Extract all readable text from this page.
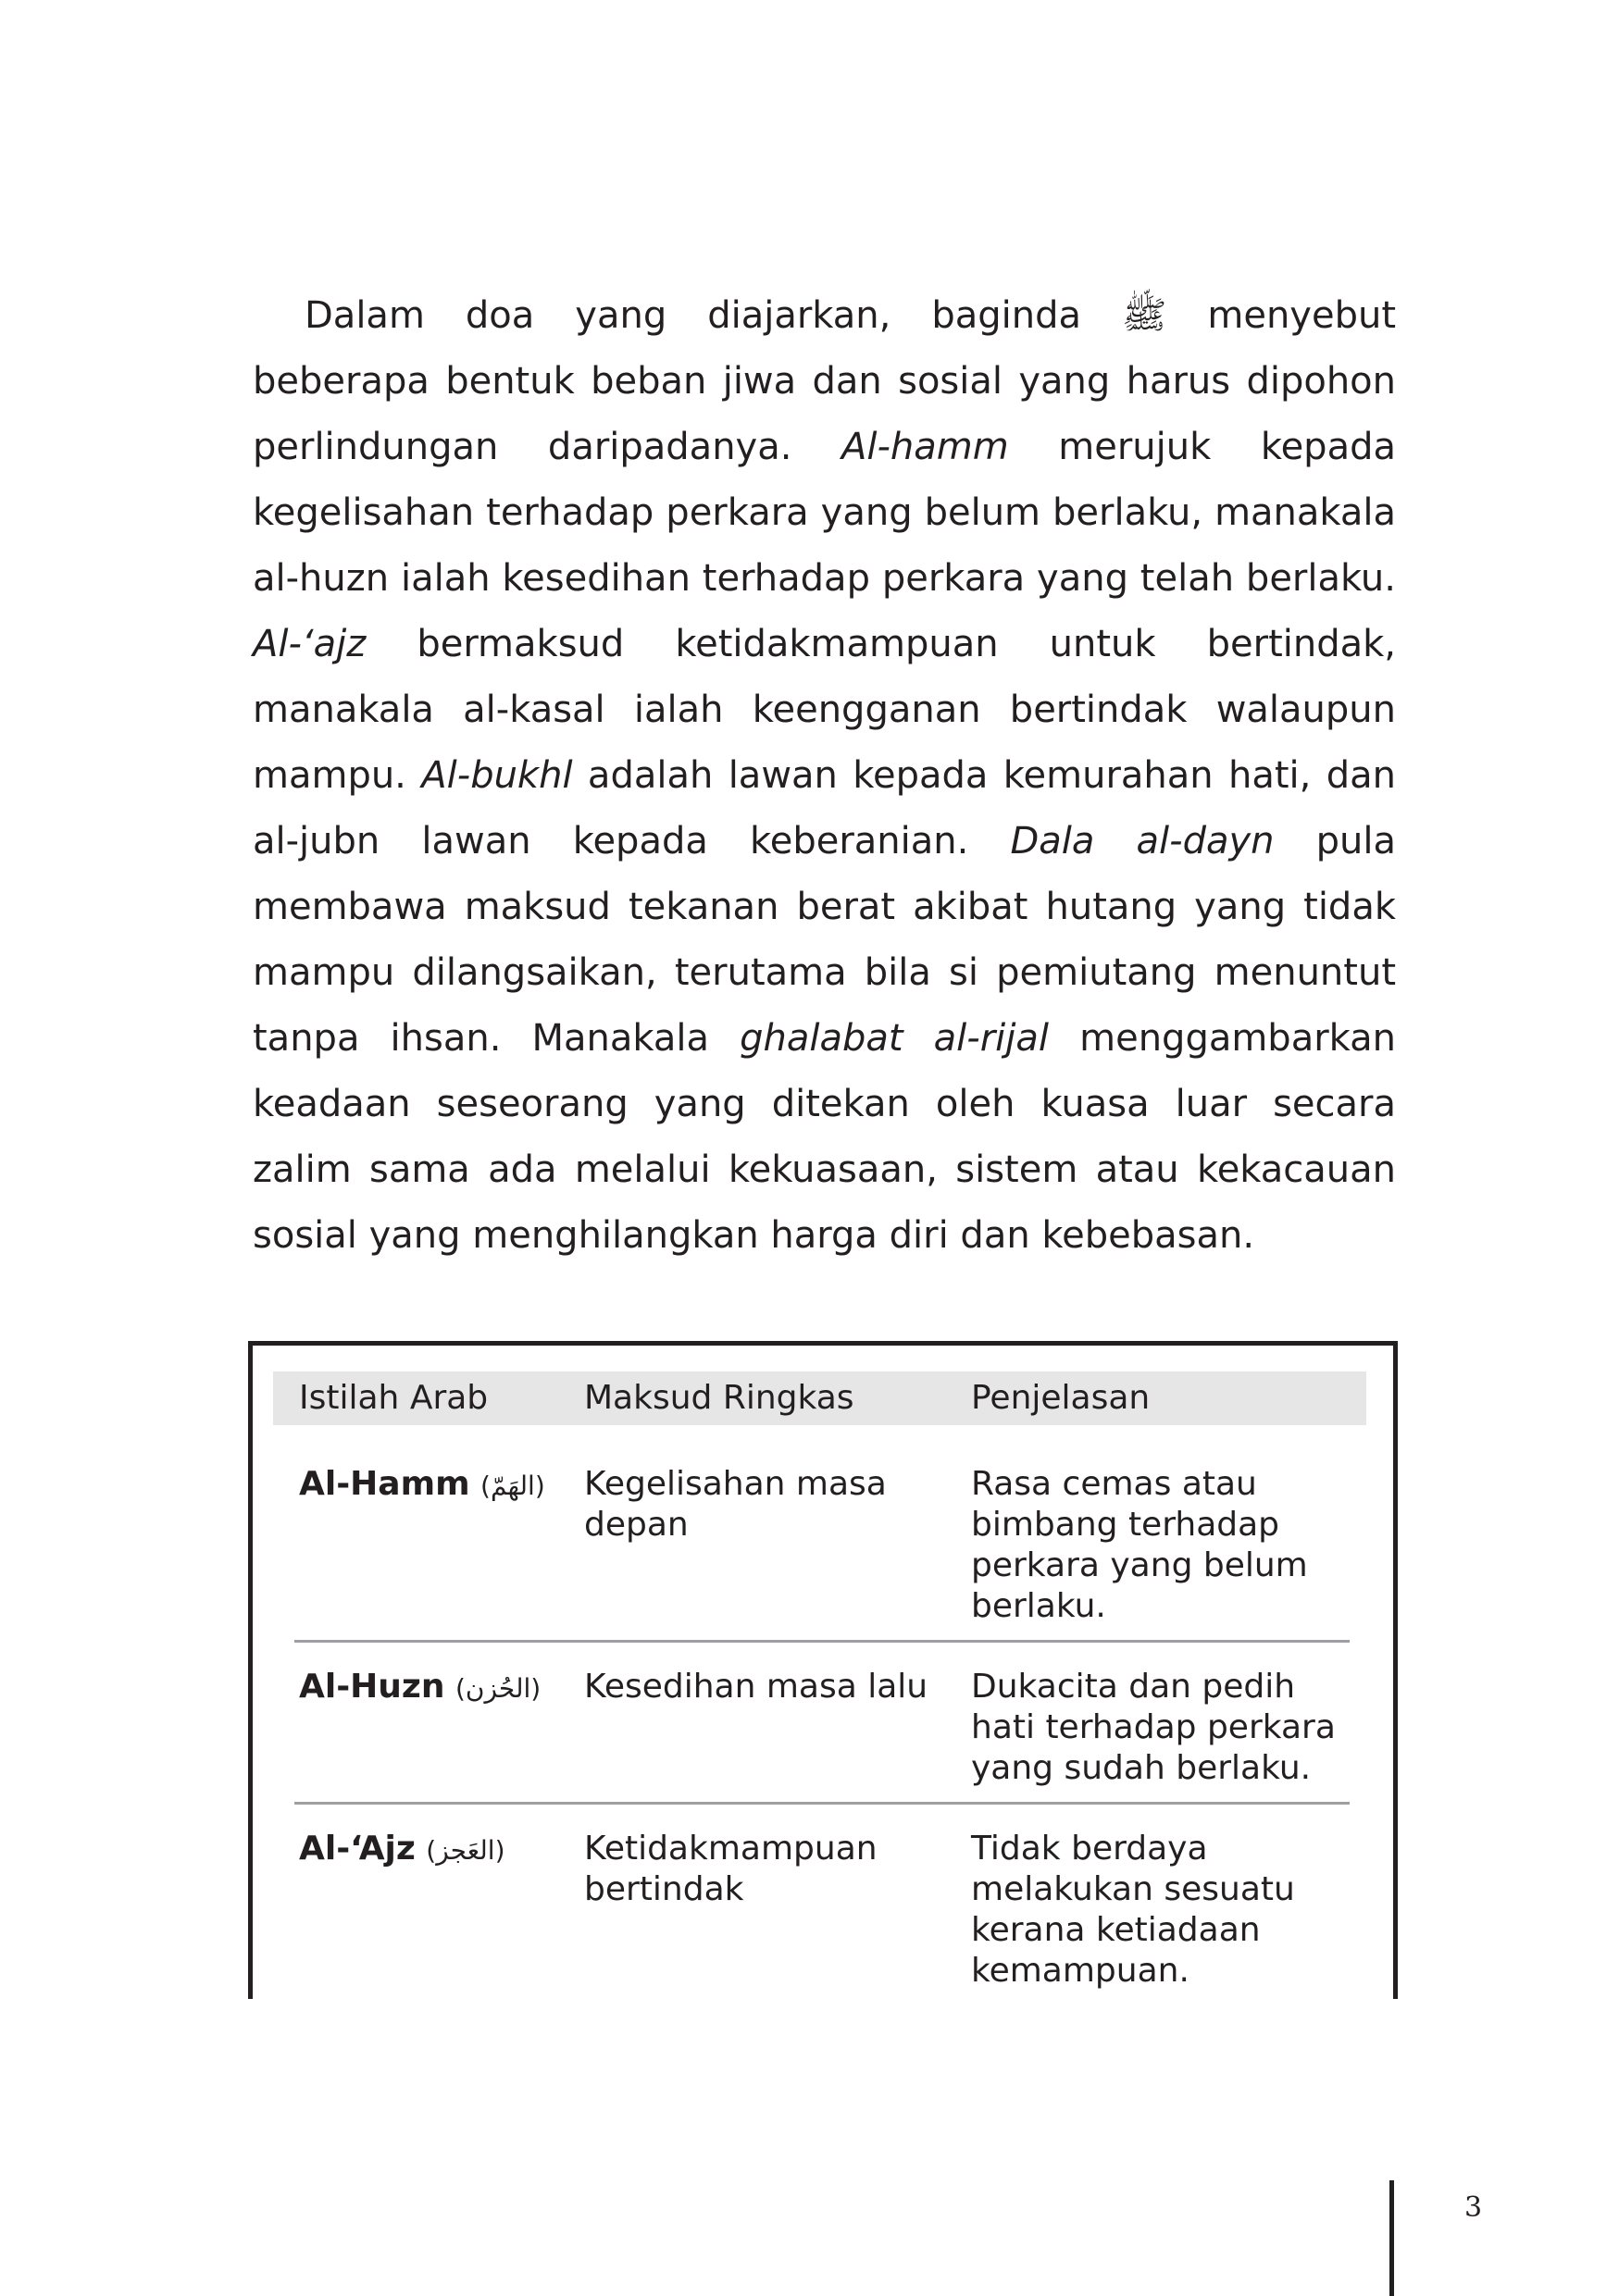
Dalam doa yang diajarkan, baginda ﷺ menyebut beberapa bentuk beban jiwa dan sosial yang harus dipohon perlindungan daripadanya. Al-hamm merujuk kepada kegelisahan terhadap perkara yang belum berlaku, manakala al-huzn ialah kesedihan terhadap perkara yang telah berlaku. Al-‘ajz bermaksud ketidakmampuan untuk bertindak, manakala al-kasal ialah keengganan bertindak walaupun mampu. Al-bukhl adalah lawan kepada kemurahan hati, dan al-jubn lawan kepada keberanian. Dala al-dayn pula membawa maksud tekanan berat akibat hutang yang tidak mampu dilangsaikan, terutama bila si pemiutang menuntut tanpa ihsan. Manakala ghalabat al-rijal menggambarkan keadaan seseorang yang ditekan oleh kuasa luar secara zalim sama ada melalui kekuasaan, sistem atau kekacauan sosial yang menghilangkan harga diri dan kebebasan.

Istilah Arab	Maksud Ringkas	Penjelasan
Al-Hamm (الهَمّ)	Kegelisahan masa depan	Rasa cemas atau bimbang terhadap perkara yang belum berlaku.

Al-Huzn (الحُزن)	Kesedihan masa lalu	Dukacita dan pedih hati terhadap perkara yang sudah berlaku.

Al-‘Ajz (العَجز)	Ketidakmampuan bertindak	Tidak berdaya melakukan sesuatu kerana ketiadaan kemampuan.
3
